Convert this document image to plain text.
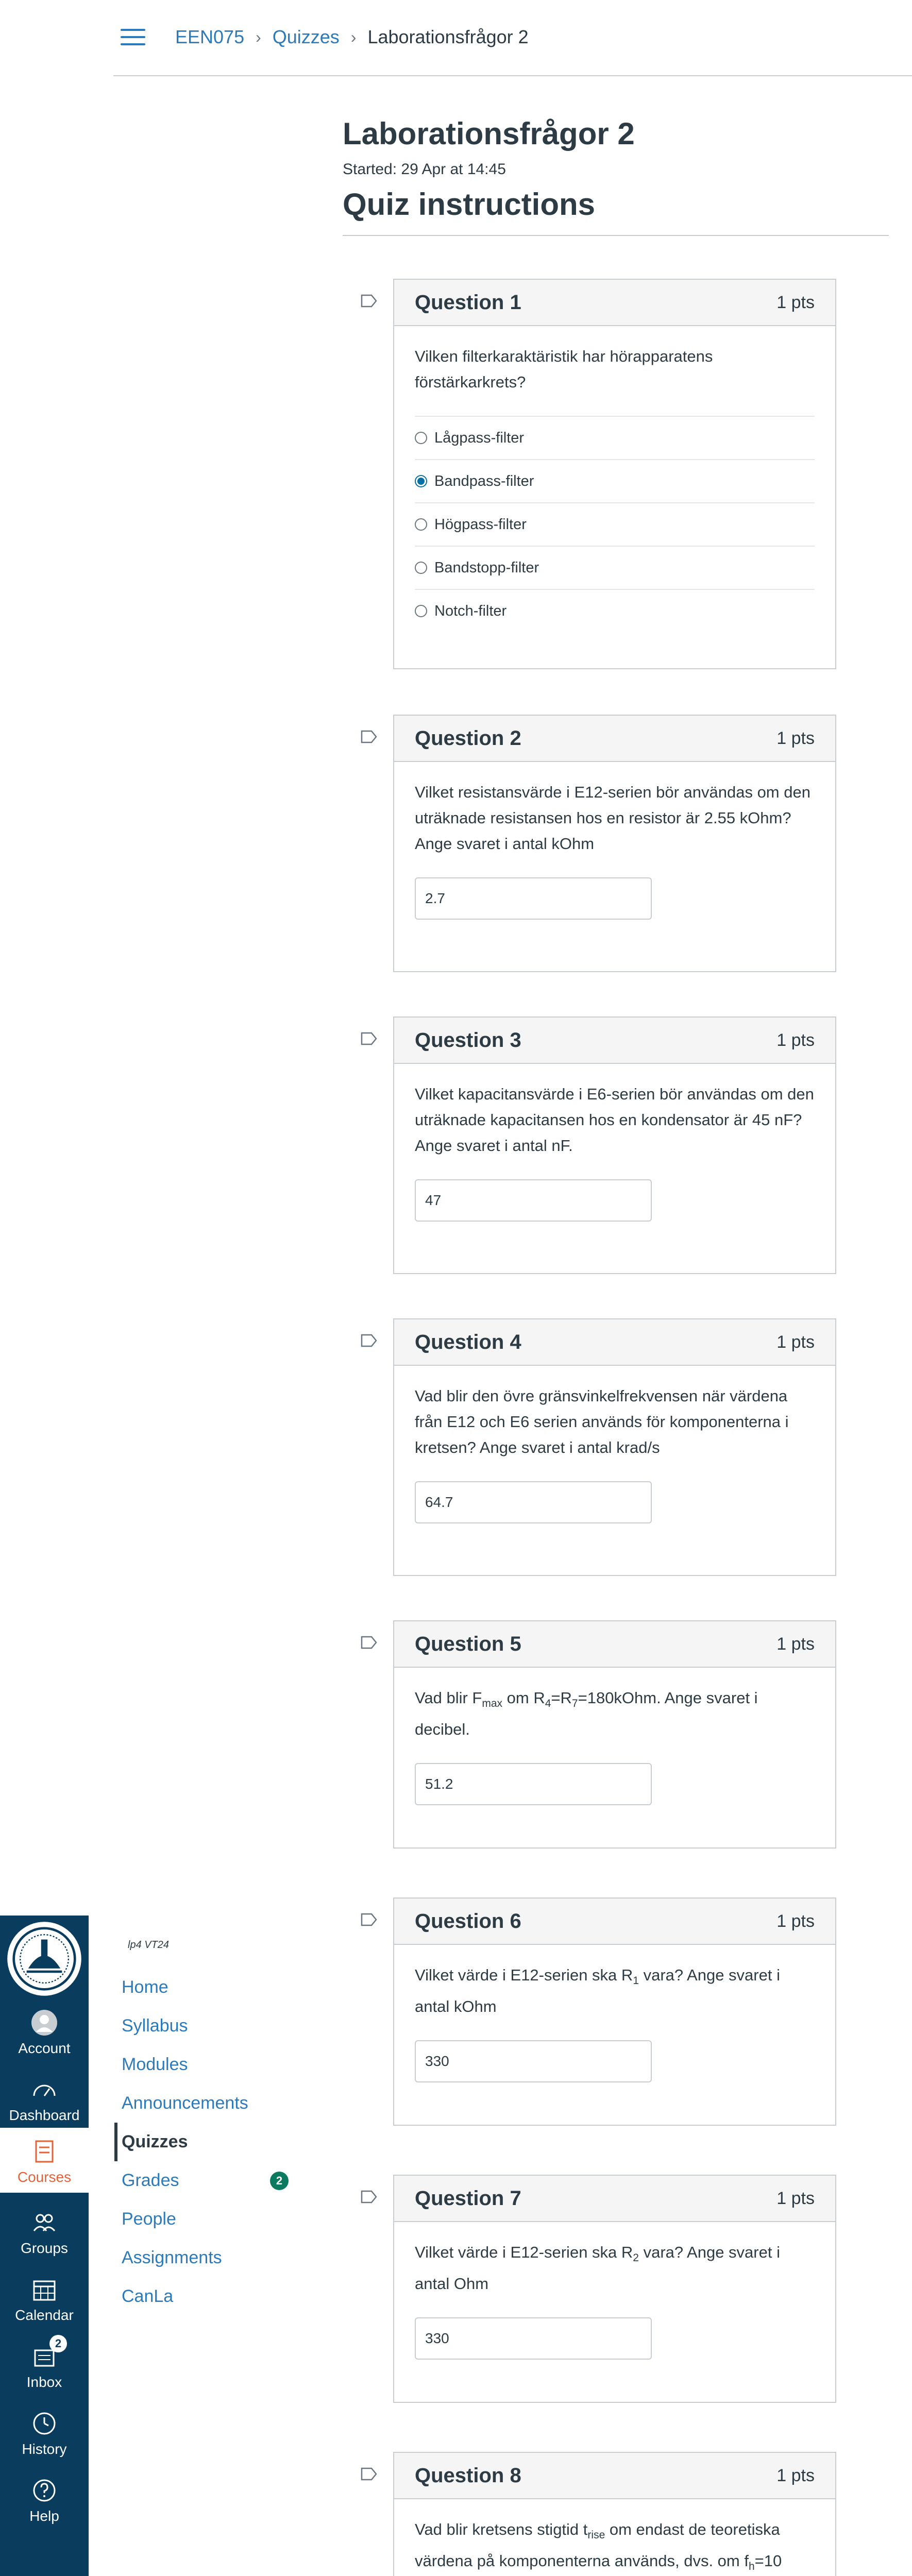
EEN075 › Quizzes › Laborationsfrågor 2
Laborationsfrågor 2
Started: 29 Apr at 14:45
Quiz instructions
Question 1	1 pts

Vilken filterkaraktäristik har hörapparatens förstärkarkrets?

Lågpass-filter
Bandpass-filter
Högpass-filter
Bandstopp-filter
Notch-filter
Question 2	1 pts

Vilket resistansvärde i E12-serien bör användas om den uträknade resistansen hos en resistor är 2.55 kOhm? Ange svaret i antal kOhm

2.7
Question 3	1 pts

Vilket kapacitansvärde i E6-serien bör användas om den uträknade kapacitansen hos en kondensator är 45 nF? Ange svaret i antal nF.

47
Question 4	1 pts

Vad blir den övre gränsvinkelfrekvensen när värdena från E12 och E6 serien används för komponenterna i kretsen? Ange svaret i antal krad/s

64.7
Question 5	1 pts

Vad blir $F_{max}$ om $R_4=R_7=180kOhm$. Ange svaret i decibel.

51.2
Question 6	1 pts

Vilket värde i E12-serien ska $R_1$ vara? Ange svaret i antal kOhm

330
Question 7	1 pts

Vilket värde i E12-serien ska $R_2$ vara? Ange svaret i antal Ohm

330
Question 8	1 pts

Vad blir kretsens stigtid $t_{rise}$ om endast de teoretiska värdena på komponenterna används, dvs. om $f_h=10$

Account
Dashboard
Courses
Groups
Calendar
Inbox
2
History
Help
lp4 VT24
Home
Syllabus
Modules
Announcements
Quizzes
Grades	2
People
Assignments
CanLa
